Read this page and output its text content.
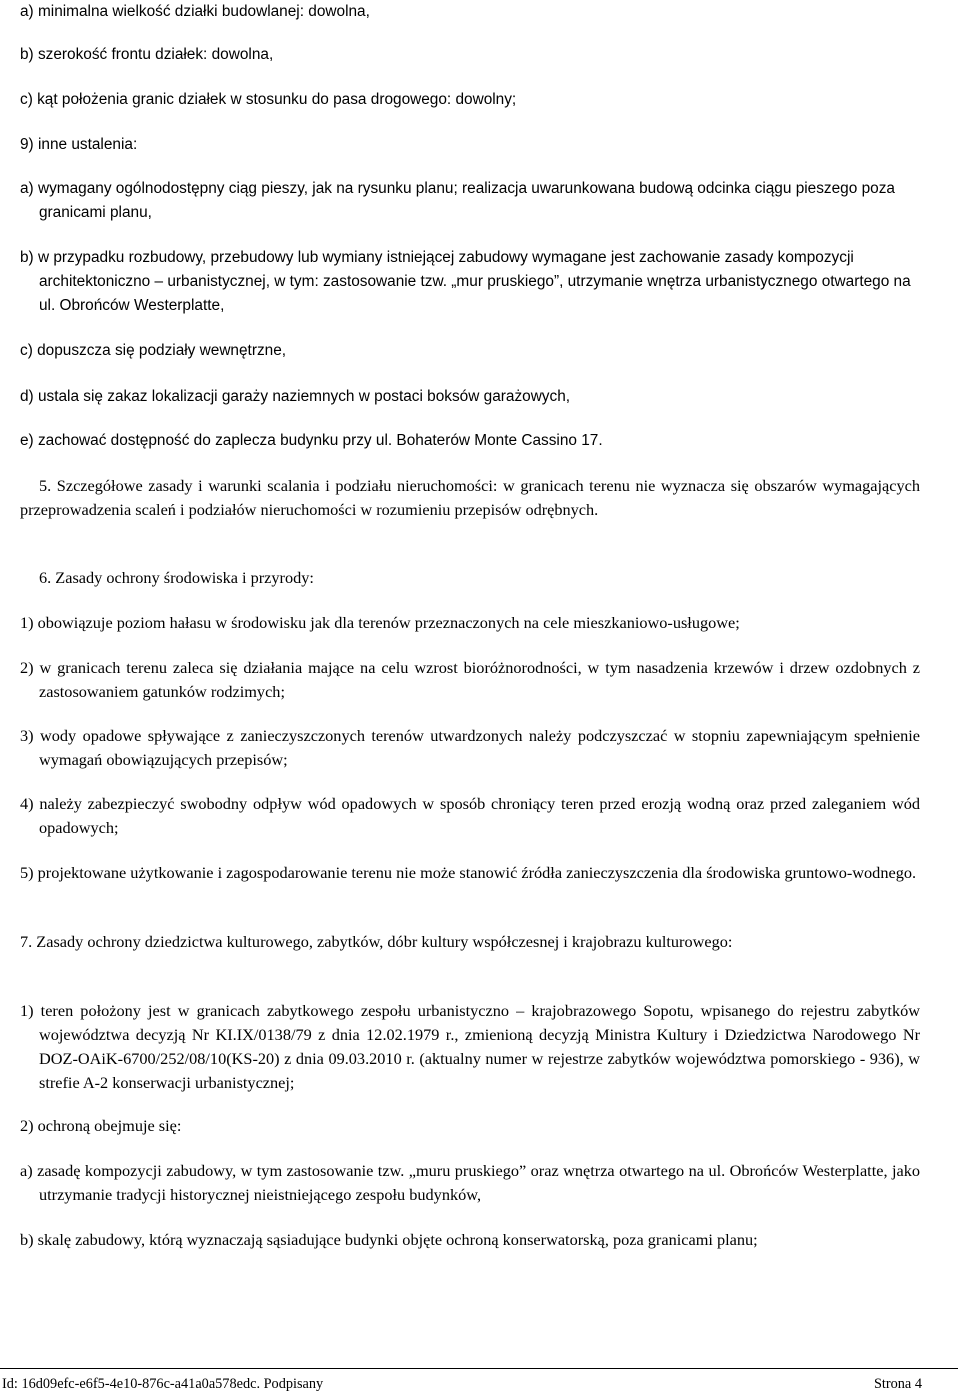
a) minimalna wielkość działki budowlanej: dowolna,

b) szerokość frontu działek: dowolna,

c) kąt położenia granic działek w stosunku do pasa drogowego: dowolny;

9) inne ustalenia:

a) wymagany ogólnodostępny ciąg pieszy, jak na rysunku planu; realizacja uwarunkowana budową odcinka ciągu pieszego poza granicami planu,

b) w przypadku rozbudowy, przebudowy lub wymiany istniejącej zabudowy wymagane jest zachowanie zasady kompozycji architektoniczno – urbanistycznej, w tym: zastosowanie tzw. „mur pruskiego”, utrzymanie wnętrza urbanistycznego otwartego na ul. Obrońców Westerplatte,

c) dopuszcza się podziały wewnętrzne,

d) ustala się zakaz lokalizacji garaży naziemnych w postaci boksów garażowych,

e) zachować dostępność do zaplecza budynku przy ul. Bohaterów Monte Cassino 17.

5. Szczegółowe zasady i warunki scalania i podziału nieruchomości: w granicach terenu nie wyznacza się obszarów wymagających przeprowadzenia scaleń i podziałów nieruchomości w rozumieniu przepisów odrębnych.

6. Zasady ochrony środowiska i przyrody:

1) obowiązuje poziom hałasu w środowisku jak dla terenów przeznaczonych na cele mieszkaniowo-usługowe;

2) w granicach terenu zaleca się działania mające na celu wzrost bioróżnorodności, w tym nasadzenia krzewów i drzew ozdobnych z zastosowaniem gatunków rodzimych;

3) wody opadowe spływające z zanieczyszczonych terenów utwardzonych należy podczyszczać w stopniu zapewniającym spełnienie wymagań obowiązujących przepisów;

4) należy zabezpieczyć swobodny odpływ wód opadowych w sposób chroniący teren przed erozją wodną oraz przed zaleganiem wód opadowych;

5) projektowane użytkowanie i zagospodarowanie terenu nie może stanowić źródła zanieczyszczenia dla środowiska gruntowo-wodnego.

7. Zasady ochrony dziedzictwa kulturowego, zabytków, dóbr kultury współczesnej i krajobrazu kulturowego:

1) teren położony jest w granicach zabytkowego zespołu urbanistyczno – krajobrazowego Sopotu, wpisanego do rejestru zabytków województwa decyzją Nr KI.IX/0138/79 z dnia 12.02.1979 r., zmienioną decyzją Ministra Kultury i Dziedzictwa Narodowego Nr DOZ-OAiK-6700/252/08/10(KS-20) z dnia 09.03.2010 r. (aktualny numer w rejestrze zabytków województwa pomorskiego - 936), w strefie A-2 konserwacji urbanistycznej;

2) ochroną obejmuje się:

a) zasadę kompozycji zabudowy, w tym zastosowanie tzw. „muru pruskiego” oraz wnętrza otwartego na ul. Obrońców Westerplatte, jako utrzymanie tradycji historycznej nieistniejącego zespołu budynków,

b) skalę zabudowy, którą wyznaczają sąsiadujące budynki objęte ochroną konserwatorską, poza granicami planu;

Id: 16d09efc-e6f5-4e10-876c-a41a0a578edc. Podpisany	Strona 4
